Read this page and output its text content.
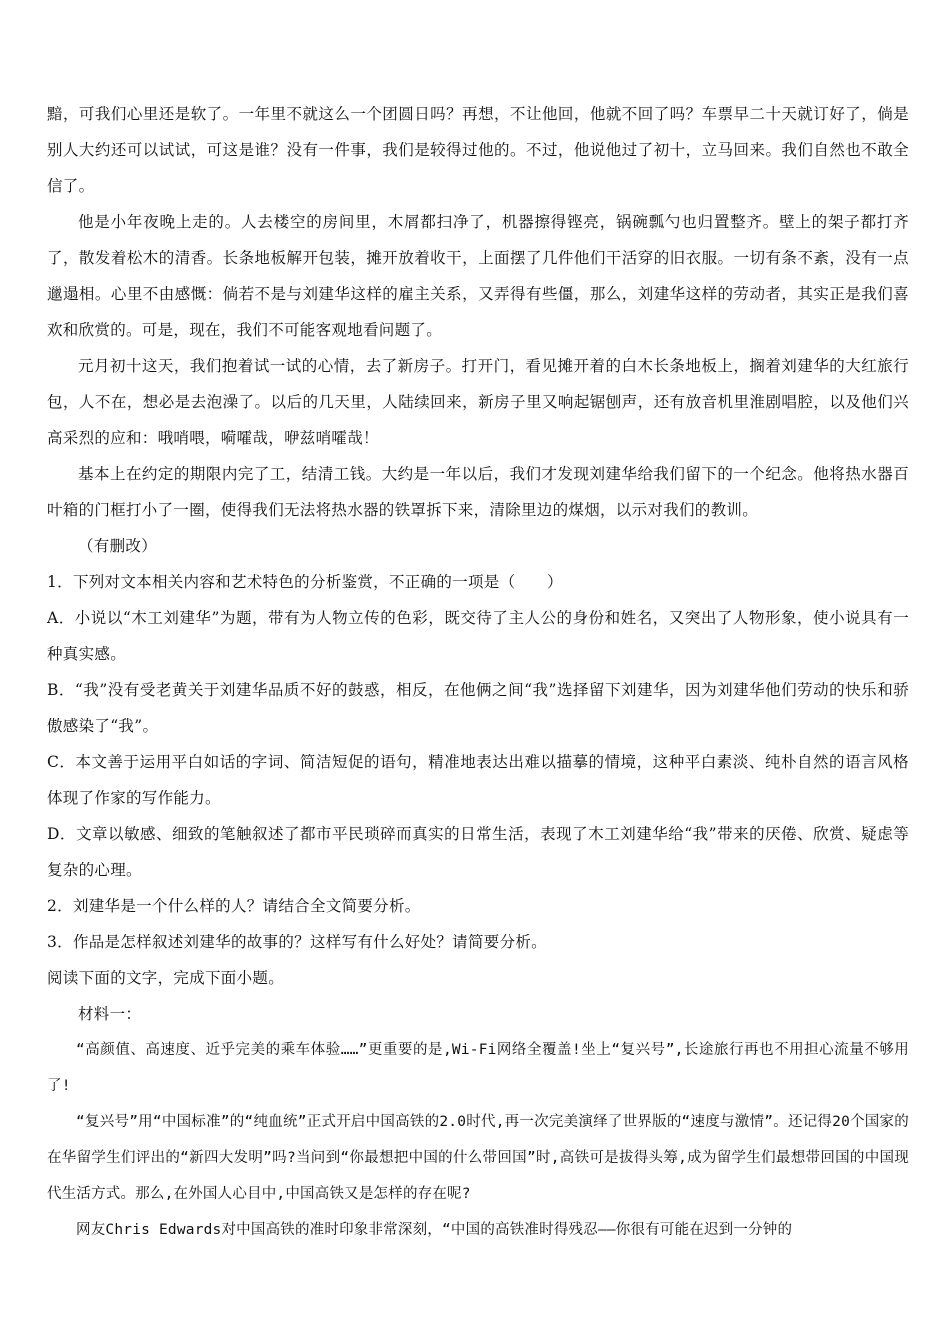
黯，可我们心里还是软了。一年里不就这么一个团圆日吗？再想，不让他回，他就不回了吗？车票早二十天就订好了，倘是别人大约还可以试试，可这是谁？没有一件事，我们是较得过他的。不过，他说他过了初十，立马回来。我们自然也不敢全信了。

他是小年夜晚上走的。人去楼空的房间里，木屑都扫净了，机器擦得铿亮，锅碗瓢勺也归置整齐。壁上的架子都打齐了，散发着松木的清香。长条地板解开包装，摊开放着收干，上面摆了几件他们干活穿的旧衣服。一切有条不紊，没有一点邋遢相。心里不由感慨：倘若不是与刘建华这样的雇主关系，又弄得有些僵，那么，刘建华这样的劳动者，其实正是我们喜欢和欣赏的。可是，现在，我们不可能客观地看问题了。

元月初十这天，我们抱着试一试的心情，去了新房子。打开门，看见摊开着的白木长条地板上，搁着刘建华的大红旅行包，人不在，想必是去泡澡了。以后的几天里，人陆续回来，新房子里又响起锯刨声，还有放音机里淮剧唱腔，以及他们兴高采烈的应和：哦哨喂，嗬嚯哉，咿兹哨嚯哉！

基本上在约定的期限内完了工，结清工钱。大约是一年以后，我们才发现刘建华给我们留下的一个纪念。他将热水器百叶箱的门框打小了一圈，使得我们无法将热水器的铁罩拆下来，清除里边的煤烟，以示对我们的教训。

（有删改）

1．下列对文本相关内容和艺术特色的分析鉴赏，不正确的一项是（　　）

A．小说以“木工刘建华”为题，带有为人物立传的色彩，既交待了主人公的身份和姓名，又突出了人物形象，使小说具有一种真实感。

B．“我”没有受老黄关于刘建华品质不好的鼓惑，相反，在他俩之间“我”选择留下刘建华，因为刘建华他们劳动的快乐和骄傲感染了“我”。

C．本文善于运用平白如话的字词、简洁短促的语句，精准地表达出难以描摹的情境，这种平白素淡、纯朴自然的语言风格体现了作家的写作能力。

D．文章以敏感、细致的笔触叙述了都市平民琐碎而真实的日常生活，表现了木工刘建华给“我”带来的厌倦、欣赏、疑虑等复杂的心理。

2．刘建华是一个什么样的人？请结合全文简要分析。

3．作品是怎样叙述刘建华的故事的？这样写有什么好处？请简要分析。

阅读下面的文字，完成下面小题。

材料一：

“高颜值、高速度、近乎完美的乘车体验……”更重要的是,Wi-Fi网络全覆盖!坐上“复兴号”,长途旅行再也不用担心流量不够用了!

“复兴号”用“中国标准”的“纯血统”正式开启中国高铁的2.0时代,再一次完美演绎了世界版的“速度与激情”。还记得20个国家的在华留学生们评出的“新四大发明”吗?当问到“你最想把中国的什么带回国”时,高铁可是拔得头筹,成为留学生们最想带回国的中国现代生活方式。那么,在外国人心目中,中国高铁又是怎样的存在呢?

网友Chris Edwards对中国高铁的准时印象非常深刻，“中国的高铁准时得残忍——你很有可能在迟到一分钟的
